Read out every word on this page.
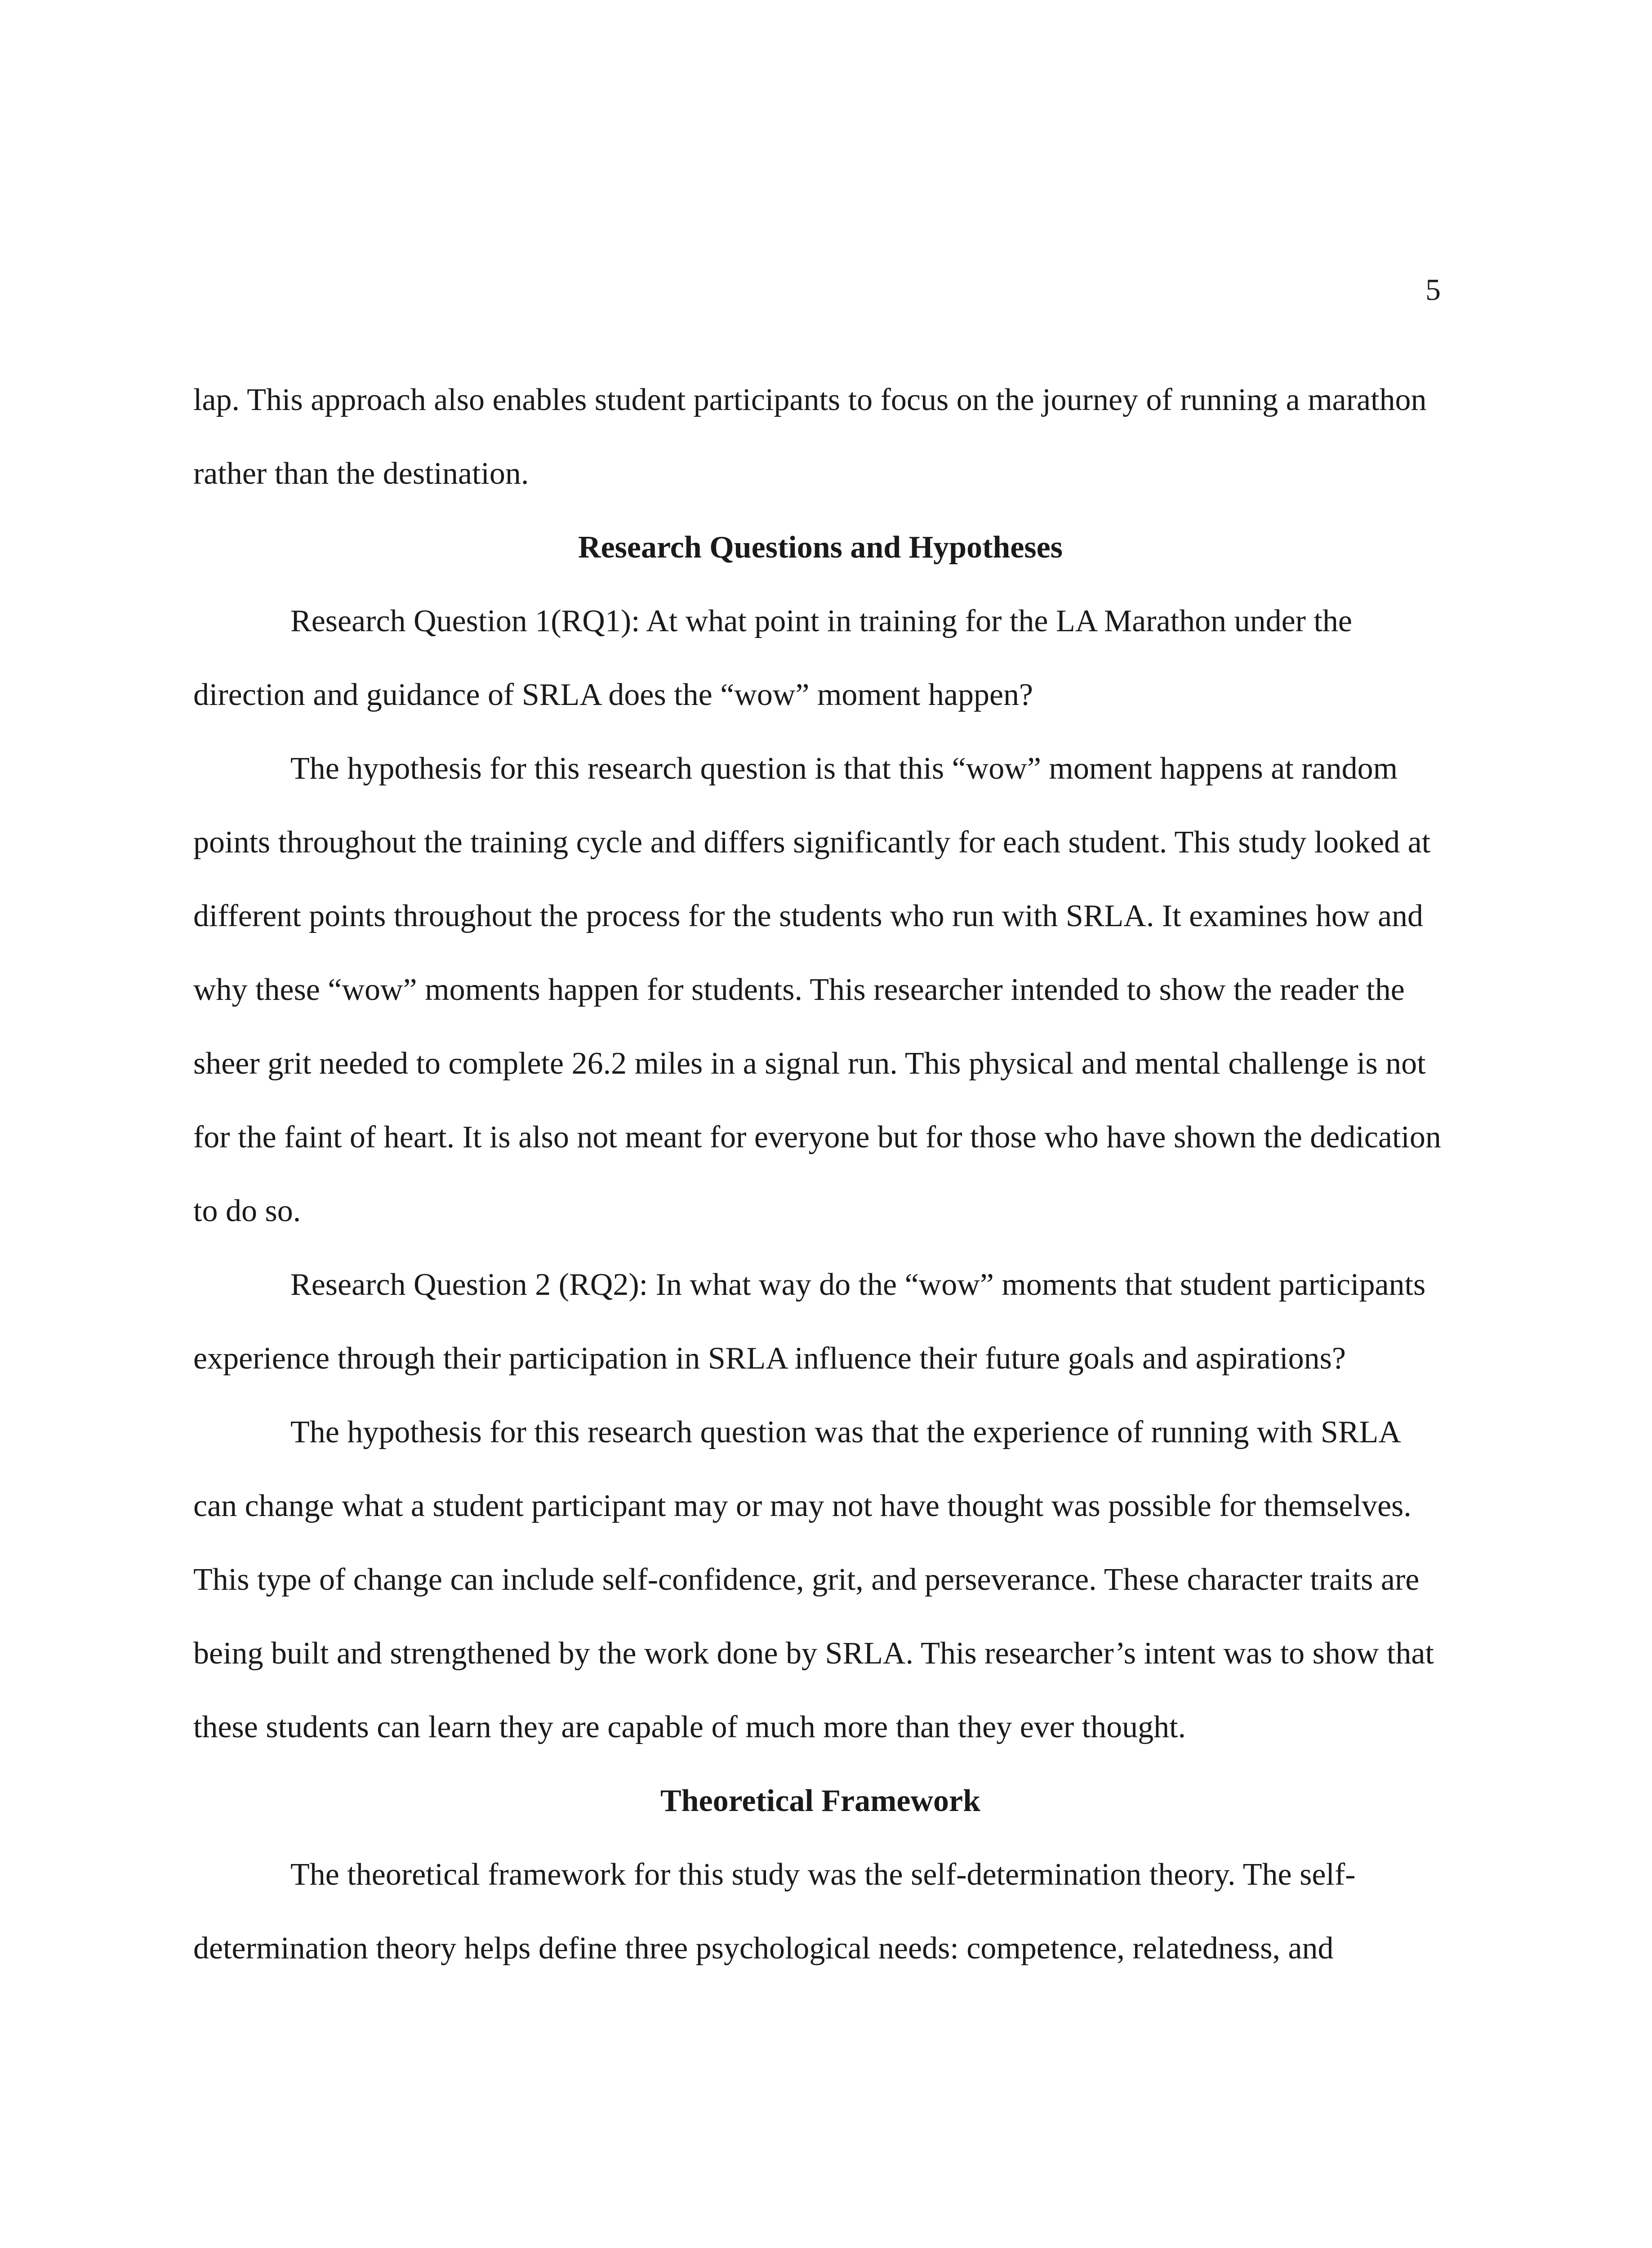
5

lap. This approach also enables student participants to focus on the journey of running a marathon rather than the destination.

Research Questions and Hypotheses

Research Question 1(RQ1): At what point in training for the LA Marathon under the direction and guidance of SRLA does the “wow” moment happen?

The hypothesis for this research question is that this “wow” moment happens at random points throughout the training cycle and differs significantly for each student. This study looked at different points throughout the process for the students who run with SRLA. It examines how and why these “wow” moments happen for students. This researcher intended to show the reader the sheer grit needed to complete 26.2 miles in a signal run. This physical and mental challenge is not for the faint of heart. It is also not meant for everyone but for those who have shown the dedication to do so.

Research Question 2 (RQ2): In what way do the “wow” moments that student participants experience through their participation in SRLA influence their future goals and aspirations?

The hypothesis for this research question was that the experience of running with SRLA can change what a student participant may or may not have thought was possible for themselves. This type of change can include self-confidence, grit, and perseverance. These character traits are being built and strengthened by the work done by SRLA. This researcher’s intent was to show that these students can learn they are capable of much more than they ever thought.

Theoretical Framework

The theoretical framework for this study was the self-determination theory. The self-determination theory helps define three psychological needs: competence, relatedness, and
